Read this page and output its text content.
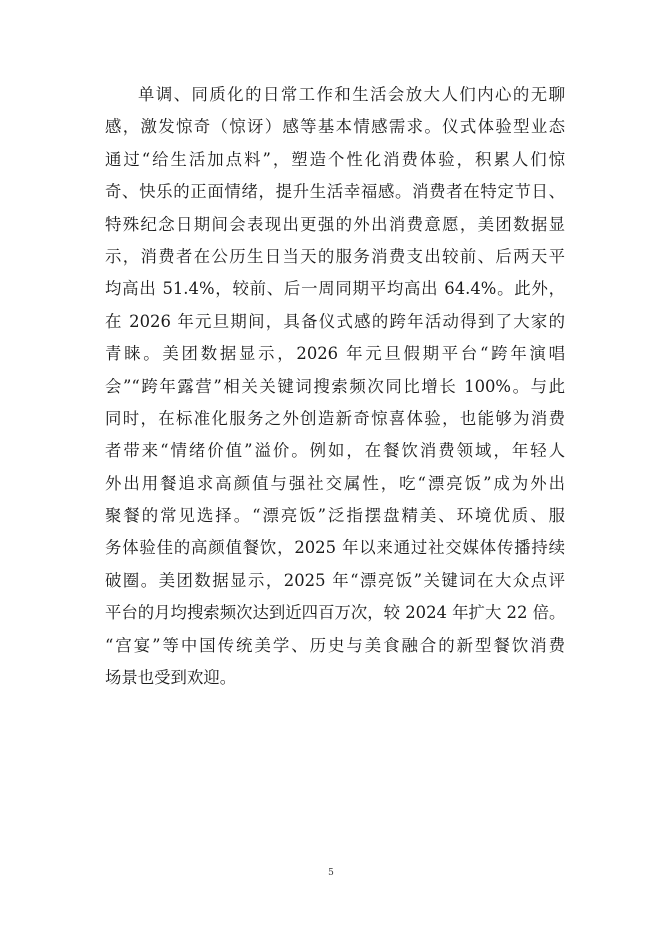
单调、同质化的日常工作和生活会放大人们内心的无聊
感，激发惊奇（惊讶）感等基本情感需求。仪式体验型业态
通过“给生活加点料”，塑造个性化消费体验，积累人们惊
奇、快乐的正面情绪，提升生活幸福感。消费者在特定节日、
特殊纪念日期间会表现出更强的外出消费意愿，美团数据显
示，消费者在公历生日当天的服务消费支出较前、后两天平
均高出 51.4%，较前、后一周同期平均高出 64.4%。此外，
在 2026 年元旦期间，具备仪式感的跨年活动得到了大家的
青睐。美团数据显示，2026 年元旦假期平台“跨年演唱
会”“跨年露营”相关关键词搜索频次同比增长 100%。与此
同时，在标准化服务之外创造新奇惊喜体验，也能够为消费
者带来“情绪价值”溢价。例如，在餐饮消费领域，年轻人
外出用餐追求高颜值与强社交属性，吃“漂亮饭”成为外出
聚餐的常见选择。“漂亮饭”泛指摆盘精美、环境优质、服
务体验佳的高颜值餐饮，2025 年以来通过社交媒体传播持续
破圈。美团数据显示，2025 年“漂亮饭”关键词在大众点评
平台的月均搜索频次达到近四百万次，较 2024 年扩大 22 倍。
“宫宴”等中国传统美学、历史与美食融合的新型餐饮消费
场景也受到欢迎。
5
